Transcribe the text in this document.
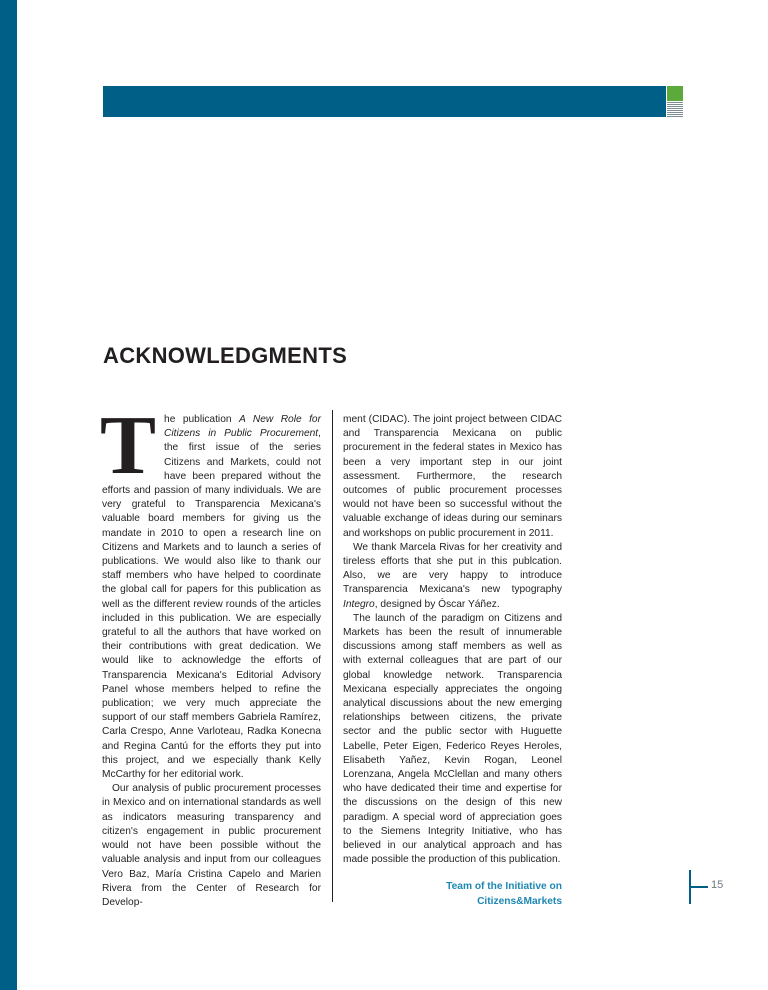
ACKNOWLEDGMENTS

The publication A New Role for Citizens in Public Procurement, the first issue of the series Citizens and Markets, could not have been prepared without the efforts and passion of many individuals. We are very grateful to Transparencia Mexicana's valuable board members for giving us the mandate in 2010 to open a research line on Citizens and Markets and to launch a series of publications. We would also like to thank our staff members who have helped to coordinate the global call for papers for this publication as well as the different review rounds of the articles included in this publication. We are especially grateful to all the authors that have worked on their contributions with great dedication. We would like to acknowledge the efforts of Transparencia Mexicana's Editorial Advisory Panel whose members helped to refine the publication; we very much appreciate the support of our staff members Gabriela Ramírez, Carla Crespo, Anne Varloteau, Radka Konecna and Regina Cantú for the efforts they put into this project, and we especially thank Kelly McCarthy for her editorial work.

Our analysis of public procurement processes in Mexico and on international standards as well as indicators measuring transparency and citizen's engagement in public procurement would not have been possible without the valuable analysis and input from our colleagues Vero Baz, María Cristina Capelo and Marien Rivera from the Center of Research for Develop-

ment (CIDAC). The joint project between CIDAC and Transparencia Mexicana on public procurement in the federal states in Mexico has been a very important step in our joint assessment. Furthermore, the research outcomes of public procurement processes would not have been so successful without the valuable exchange of ideas during our seminars and workshops on public procurement in 2011.

We thank Marcela Rivas for her creativity and tireless efforts that she put in this publcation. Also, we are very happy to introduce Transparencia Mexicana's new typography Integro, designed by Óscar Yáñez.

The launch of the paradigm on Citizens and Markets has been the result of innumerable discussions among staff members as well as with external colleagues that are part of our global knowledge network. Transparencia Mexicana especially appreciates the ongoing analytical discussions about the new emerging relationships between citizens, the private sector and the public sector with Huguette Labelle, Peter Eigen, Federico Reyes Heroles, Elisabeth Yañez, Kevin Rogan, Leonel Lorenzana, Angela McClellan and many others who have dedicated their time and expertise for the discussions on the design of this new paradigm. A special word of appreciation goes to the Siemens Integrity Initiative, who has believed in our analytical approach and has made possible the production of this publication.

Team of the Initiative on
Citizens&Markets
15
